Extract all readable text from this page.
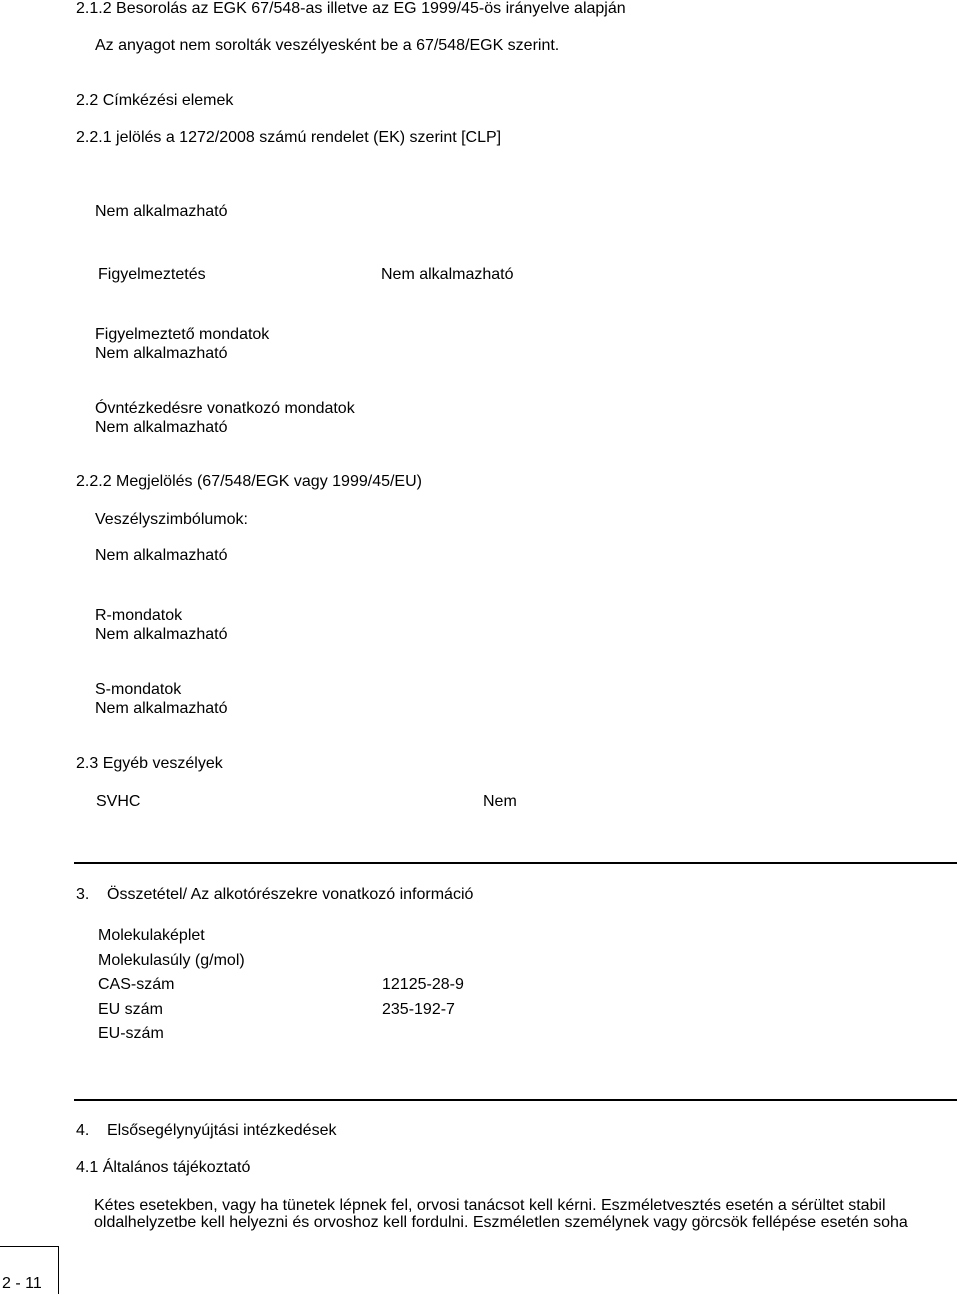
2.1.2 Besorolás az EGK 67/548-as illetve az EG 1999/45-ös irányelve alapján
Az anyagot nem sorolták veszélyesként be a 67/548/EGK szerint.
2.2 Címkézési elemek
2.2.1 jelölés a 1272/2008 számú rendelet (EK) szerint [CLP]
Nem alkalmazható
Figyelmeztetés	Nem alkalmazható
Figyelmeztető mondatok
Nem alkalmazható
Óvntézkedésre vonatkozó mondatok
Nem alkalmazható
2.2.2 Megjelölés (67/548/EGK vagy 1999/45/EU)
Veszélyszimbólumok:
Nem alkalmazható
R-mondatok
Nem alkalmazható
S-mondatok
Nem alkalmazható
2.3 Egyéb veszélyek
SVHC	Nem
3. Összetétel/ Az alkotórészekre vonatkozó információ
Molekulaképlet
Molekulasúly (g/mol)
CAS-szám	12125-28-9
EU szám	235-192-7
EU-szám
4. Elsősegélynyújtási intézkedések
4.1 Általános tájékoztató
Kétes esetekben, vagy ha tünetek lépnek fel, orvosi tanácsot kell kérni. Eszméletvesztés esetén a sérültet stabil
oldalhelyzetbe kell helyezni és orvoshoz kell fordulni. Eszméletlen személynek vagy görcsök fellépése esetén soha
2 - 11
